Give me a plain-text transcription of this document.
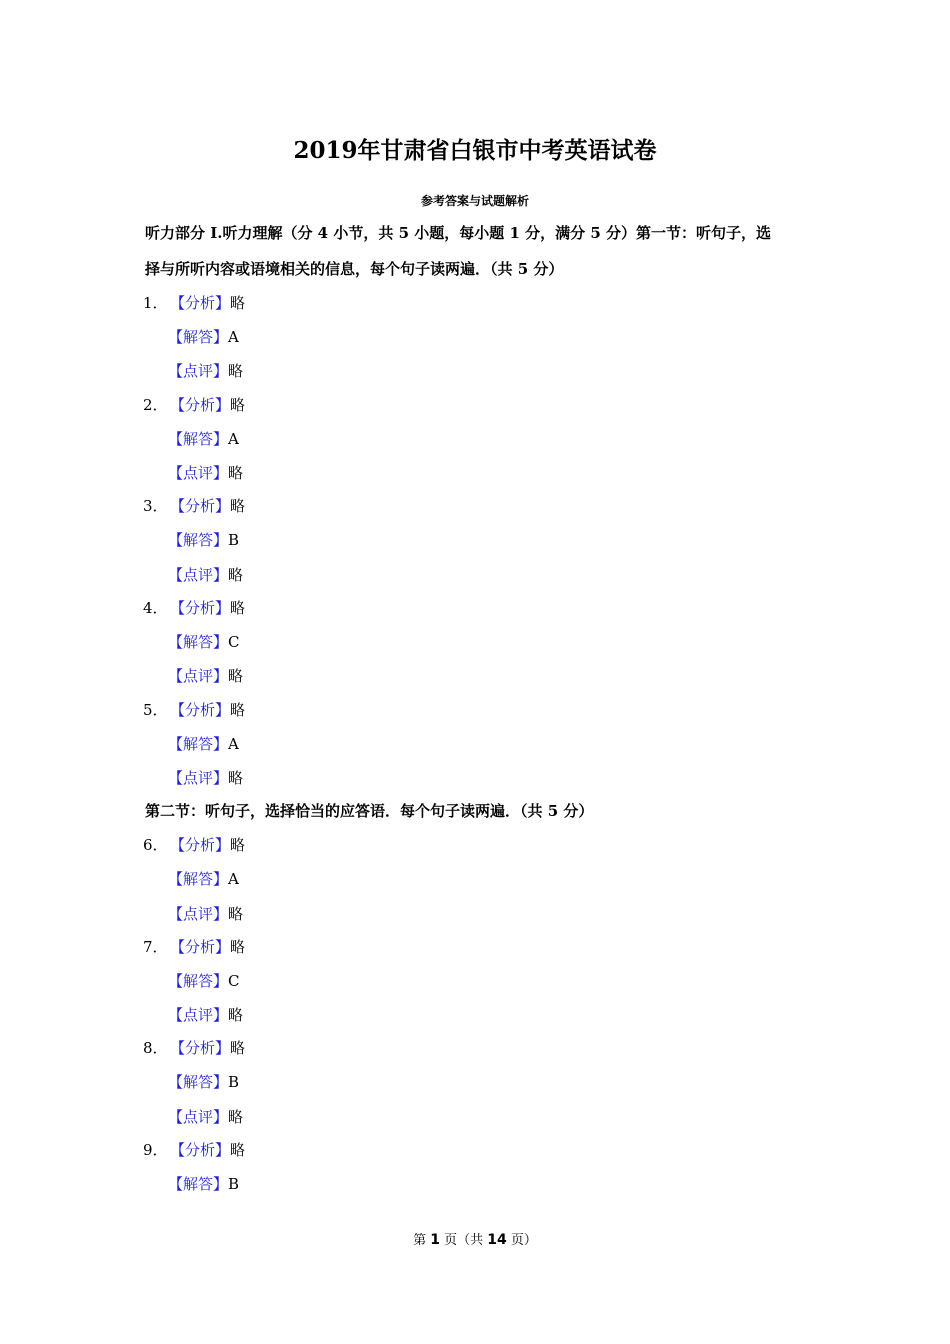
2019年甘肃省白银市中考英语试卷
参考答案与试题解析
听力部分 I.听力理解（分 4 小节，共 5 小题，每小题 1 分，满分 5 分）第一节：听句子，选
择与所听内容或语境相关的信息，每个句子读两遍．（共 5 分）
1． 【分析】略
【解答】A
【点评】略
2． 【分析】略
【解答】A
【点评】略
3． 【分析】略
【解答】B
【点评】略
4． 【分析】略
【解答】C
【点评】略
5． 【分析】略
【解答】A
【点评】略
第二节：听句子，选择恰当的应答语．每个句子读两遍．（共 5 分）
6． 【分析】略
【解答】A
【点评】略
7． 【分析】略
【解答】C
【点评】略
8． 【分析】略
【解答】B
【点评】略
9． 【分析】略
【解答】B
第 1 页（共 14 页）
